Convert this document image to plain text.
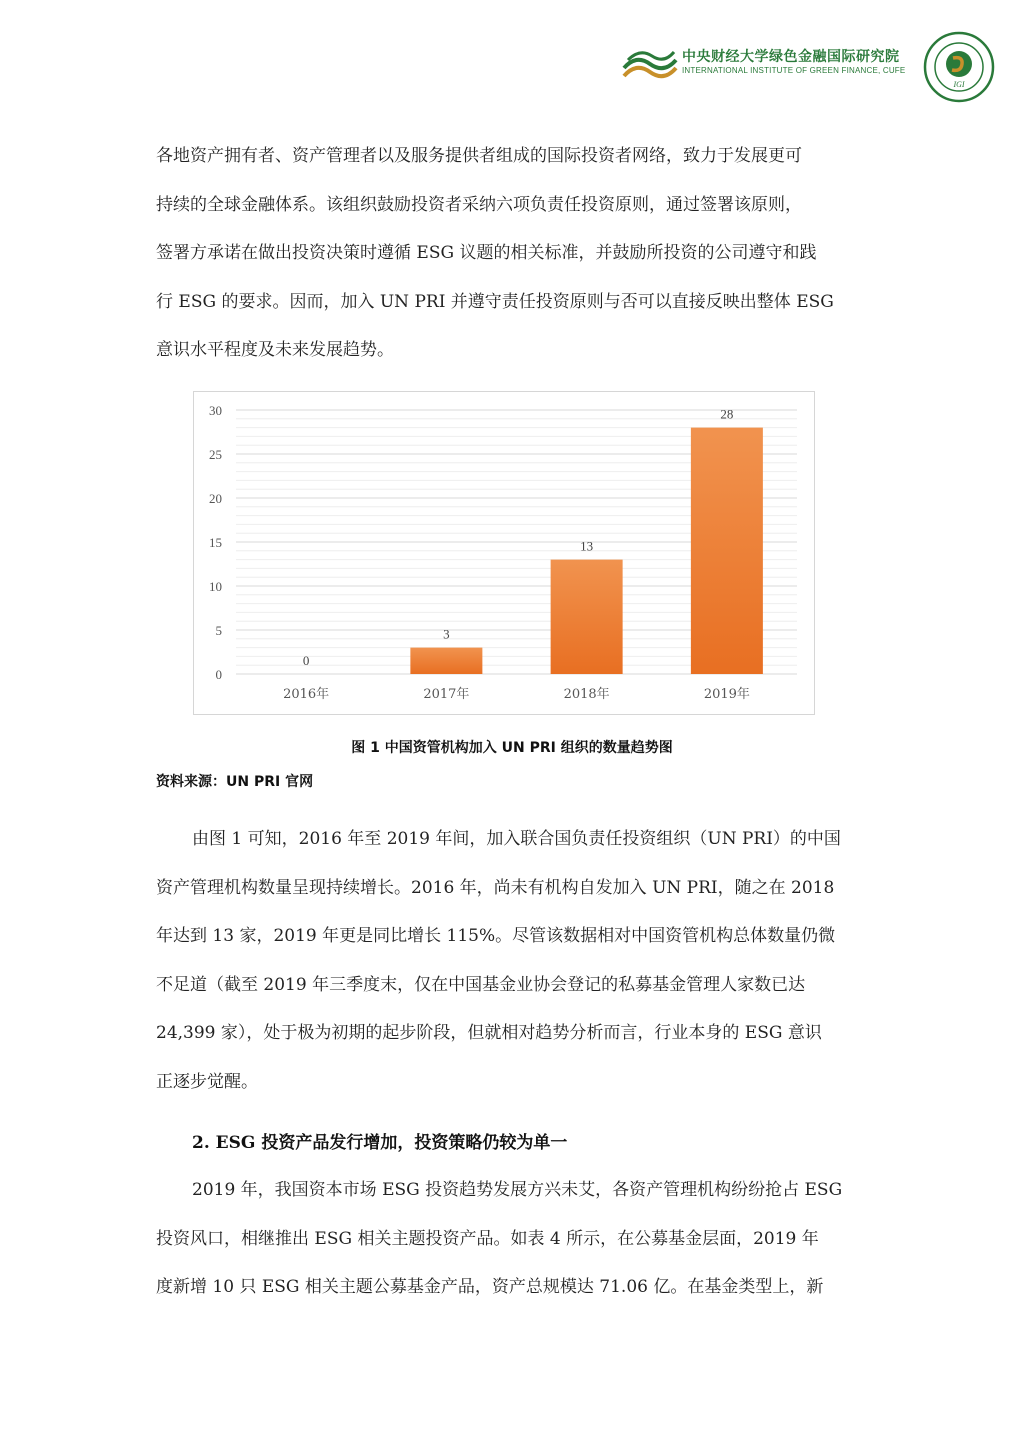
中央财经大学绿色金融国际研究院
INTERNATIONAL INSTITUTE OF GREEN FINANCE, CUFE
IGI

各地资产拥有者、资产管理者以及服务提供者组成的国际投资者网络，致力于发展更可

持续的全球金融体系。该组织鼓励投资者采纳六项负责任投资原则，通过签署该原则，

签署方承诺在做出投资决策时遵循 ESG 议题的相关标准，并鼓励所投资的公司遵守和践

行 ESG 的要求。因而，加入 UN PRI 并遵守责任投资原则与否可以直接反映出整体 ESG

意识水平程度及未来发展趋势。

0
5
10
15
20
25
30
0
2016年
3
2017年
13
2018年
28
2019年
图 1 中国资管机构加入 UN PRI 组织的数量趋势图
资料来源：UN PRI 官网

由图 1 可知，2016 年至 2019 年间，加入联合国负责任投资组织（UN PRI）的中国

资产管理机构数量呈现持续增长。2016 年，尚未有机构自发加入 UN PRI，随之在 2018

年达到 13 家，2019 年更是同比增长 115%。尽管该数据相对中国资管机构总体数量仍微

不足道（截至 2019 年三季度末，仅在中国基金业协会登记的私募基金管理人家数已达

24,399 家），处于极为初期的起步阶段，但就相对趋势分析而言，行业本身的 ESG 意识

正逐步觉醒。

2. ESG 投资产品发行增加，投资策略仍较为单一

2019 年，我国资本市场 ESG 投资趋势发展方兴未艾，各资产管理机构纷纷抢占 ESG

投资风口，相继推出 ESG 相关主题投资产品。如表 4 所示，在公募基金层面，2019 年

度新增 10 只 ESG 相关主题公募基金产品，资产总规模达 71.06 亿。在基金类型上，新
